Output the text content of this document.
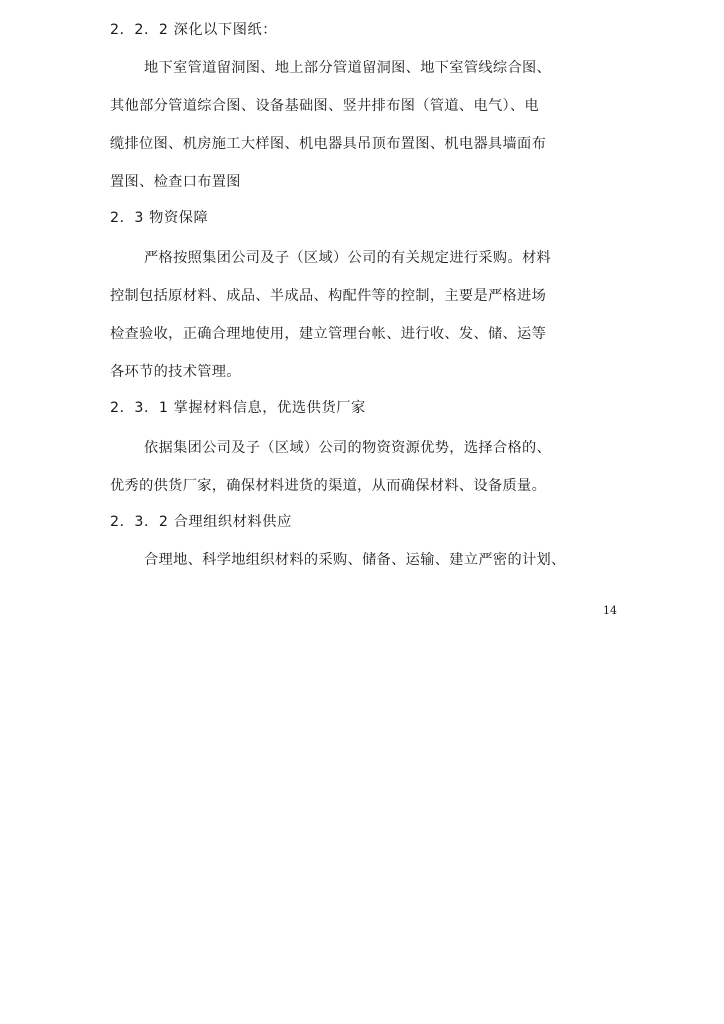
2．2．2 深化以下图纸：
地下室管道留洞图、地上部分管道留洞图、地下室管线综合图、
其他部分管道综合图、设备基础图、竖井排布图（管道、电气）、电
缆排位图、机房施工大样图、机电器具吊顶布置图、机电器具墙面布
置图、检查口布置图
2．3 物资保障
严格按照集团公司及子（区域）公司的有关规定进行采购。材料
控制包括原材料、成品、半成品、构配件等的控制，主要是严格进场
检查验收，正确合理地使用，建立管理台帐、进行收、发、储、运等
各环节的技术管理。
2．3．1 掌握材料信息，优选供货厂家
依据集团公司及子（区域）公司的物资资源优势，选择合格的、
优秀的供货厂家，确保材料进货的渠道，从而确保材料、设备质量。
2．3．2 合理组织材料供应
合理地、科学地组织材料的采购、储备、运输、建立严密的计划、
14
